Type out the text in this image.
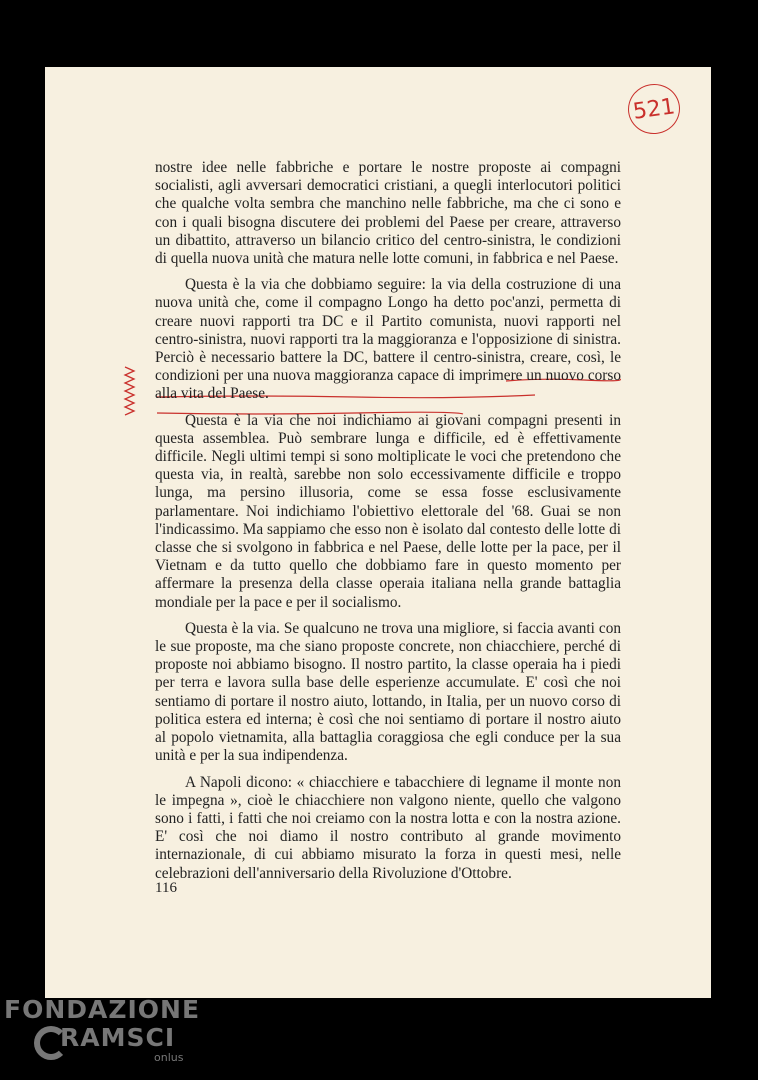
521

nostre idee nelle fabbriche e portare le nostre proposte ai compagni socialisti, agli avversari democratici cristiani, a quegli interlocutori politici che qualche volta sembra che manchino nelle fabbriche, ma che ci sono e con i quali bisogna discutere dei problemi del Paese per creare, attraverso un dibattito, attraverso un bilancio critico del centro-sinistra, le condizioni di quella nuova unità che matura nelle lotte comuni, in fabbrica e nel Paese.

Questa è la via che dobbiamo seguire: la via della costruzione di una nuova unità che, come il compagno Longo ha detto poc'anzi, permetta di creare nuovi rapporti tra DC e il Partito comunista, nuovi rapporti nel centro-sinistra, nuovi rapporti tra la maggioranza e l'opposizione di sinistra. Perciò è necessario battere la DC, battere il centro-sinistra, creare, così, le condizioni per una nuova maggioranza capace di imprimere un nuovo corso alla vita del Paese.

Questa è la via che noi indichiamo ai giovani compagni presenti in questa assemblea. Può sembrare lunga e difficile, ed è effettivamente difficile. Negli ultimi tempi si sono moltiplicate le voci che pretendono che questa via, in realtà, sarebbe non solo eccessivamente difficile e troppo lunga, ma persino illusoria, come se essa fosse esclusivamente parlamentare. Noi indichiamo l'obiettivo elettorale del '68. Guai se non l'indicassimo. Ma sappiamo che esso non è isolato dal contesto delle lotte di classe che si svolgono in fabbrica e nel Paese, delle lotte per la pace, per il Vietnam e da tutto quello che dobbiamo fare in questo momento per affermare la presenza della classe operaia italiana nella grande battaglia mondiale per la pace e per il socialismo.

Questa è la via. Se qualcuno ne trova una migliore, si faccia avanti con le sue proposte, ma che siano proposte concrete, non chiacchiere, perché di proposte noi abbiamo bisogno. Il nostro partito, la classe operaia ha i piedi per terra e lavora sulla base delle esperienze accumulate. E' così che noi sentiamo di portare il nostro aiuto, lottando, in Italia, per un nuovo corso di politica estera ed interna; è così che noi sentiamo di portare il nostro aiuto al popolo vietnamita, alla battaglia coraggiosa che egli conduce per la sua unità e per la sua indipendenza.

A Napoli dicono: « chiacchiere e tabacchiere di legname il monte non le impegna », cioè le chiacchiere non valgono niente, quello che valgono sono i fatti, i fatti che noi creiamo con la nostra lotta e con la nostra azione. E' così che noi diamo il nostro contributo al grande movimento internazionale, di cui abbiamo misurato la forza in questi mesi, nelle celebrazioni dell'anniversario della Rivoluzione d'Ottobre.

116
FONDAZIONE
RAMSCI
onlus
